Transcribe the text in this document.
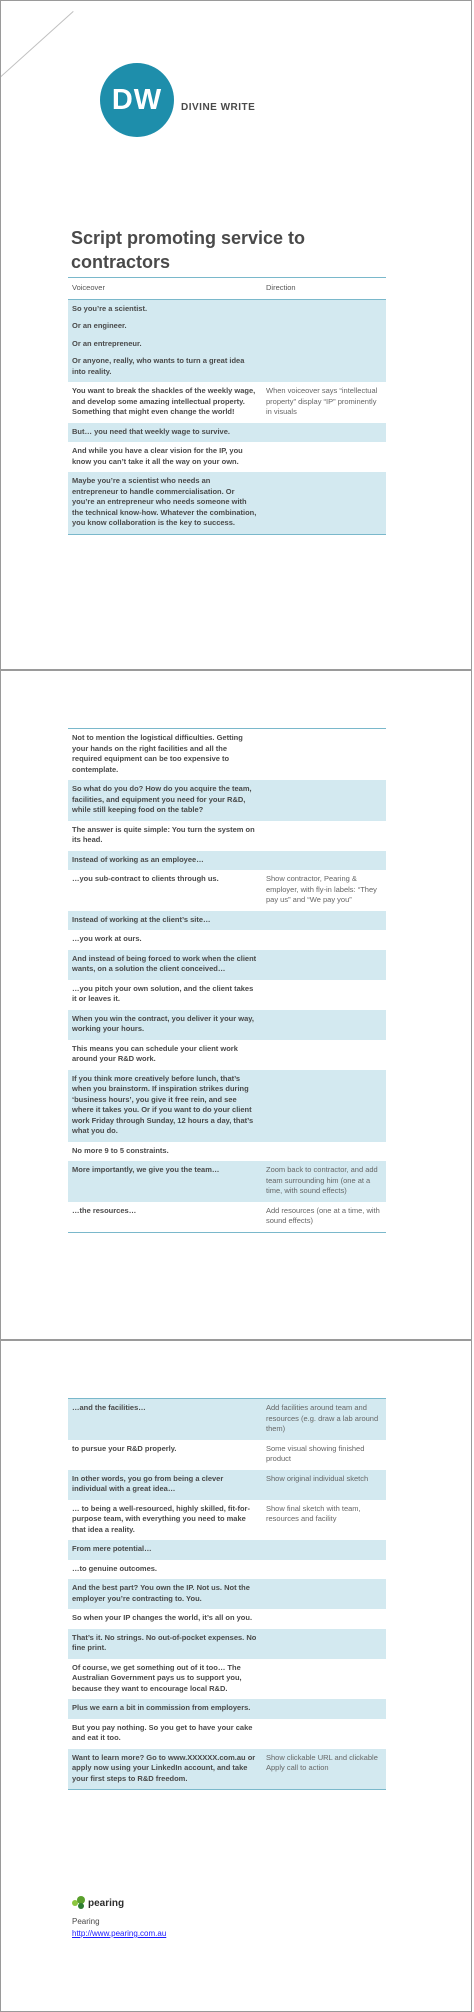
DW	DIVINE WRITE
Script promoting service to contractors
Voiceover	Direction

So you’re a scientist.

Or an engineer.

Or an entrepreneur.

Or anyone, really, who wants to turn a great idea into reality.	

You want to break the shackles of the weekly wage, and develop some amazing intellectual property. Something that might even change the world!	When voiceover says “intellectual property” display “IP” prominently in visuals

But… you need that weekly wage to survive.	

And while you have a clear vision for the IP, you know you can’t take it all the way on your own.	

Maybe you’re a scientist who needs an entrepreneur to handle commercialisation. Or you’re an entrepreneur who needs someone with the technical know-how. Whatever the combination, you know collaboration is the key to success.	

Not to mention the logistical difficulties. Getting your hands on the right facilities and all the required equipment can be too expensive to contemplate.	

So what do you do? How do you acquire the team, facilities, and equipment you need for your R&D, while still keeping food on the table?	

The answer is quite simple: You turn the system on its head.	

Instead of working as an employee…	

…you sub-contract to clients through us.	Show contractor, Pearing & employer, with fly-in labels: “They pay us” and “We pay you”

Instead of working at the client’s site…	

…you work at ours.	

And instead of being forced to work when the client wants, on a solution the client conceived…	

…you pitch your own solution, and the client takes it or leaves it.	

When you win the contract, you deliver it your way, working your hours.	

This means you can schedule your client work around your R&D work.	

If you think more creatively before lunch, that’s when you brainstorm. If inspiration strikes during ‘business hours’, you give it free rein, and see where it takes you. Or if you want to do your client work Friday through Sunday, 12 hours a day, that’s what you do.	

No more 9 to 5 constraints.	

More importantly, we give you the team…	Zoom back to contractor, and add team surrounding him (one at a time, with sound effects)

…the resources…	Add resources (one at a time, with sound effects)

…and the facilities…	Add facilities around team and resources (e.g. draw a lab around them)

to pursue your R&D properly.	Some visual showing finished product

In other words, you go from being a clever individual with a great idea…	Show original individual sketch

… to being a well-resourced, highly skilled, fit-for-purpose team, with everything you need to make that idea a reality.	Show final sketch with team, resources and facility

From mere potential…	

…to genuine outcomes.	

And the best part? You own the IP. Not us. Not the employer you’re contracting to. You.	

So when your IP changes the world, it’s all on you.	

That’s it. No strings. No out-of-pocket expenses. No fine print.	

Of course, we get something out of it too… The Australian Government pays us to support you, because they want to encourage local R&D.	

Plus we earn a bit in commission from employers.	

But you pay nothing. So you get to have your cake and eat it too.	

Want to learn more? Go to www.XXXXXX.com.au or apply now using your LinkedIn account, and take your first steps to R&D freedom.	Show clickable URL and clickable Apply call to action
pearing
Pearing
http://www.pearing.com.au
